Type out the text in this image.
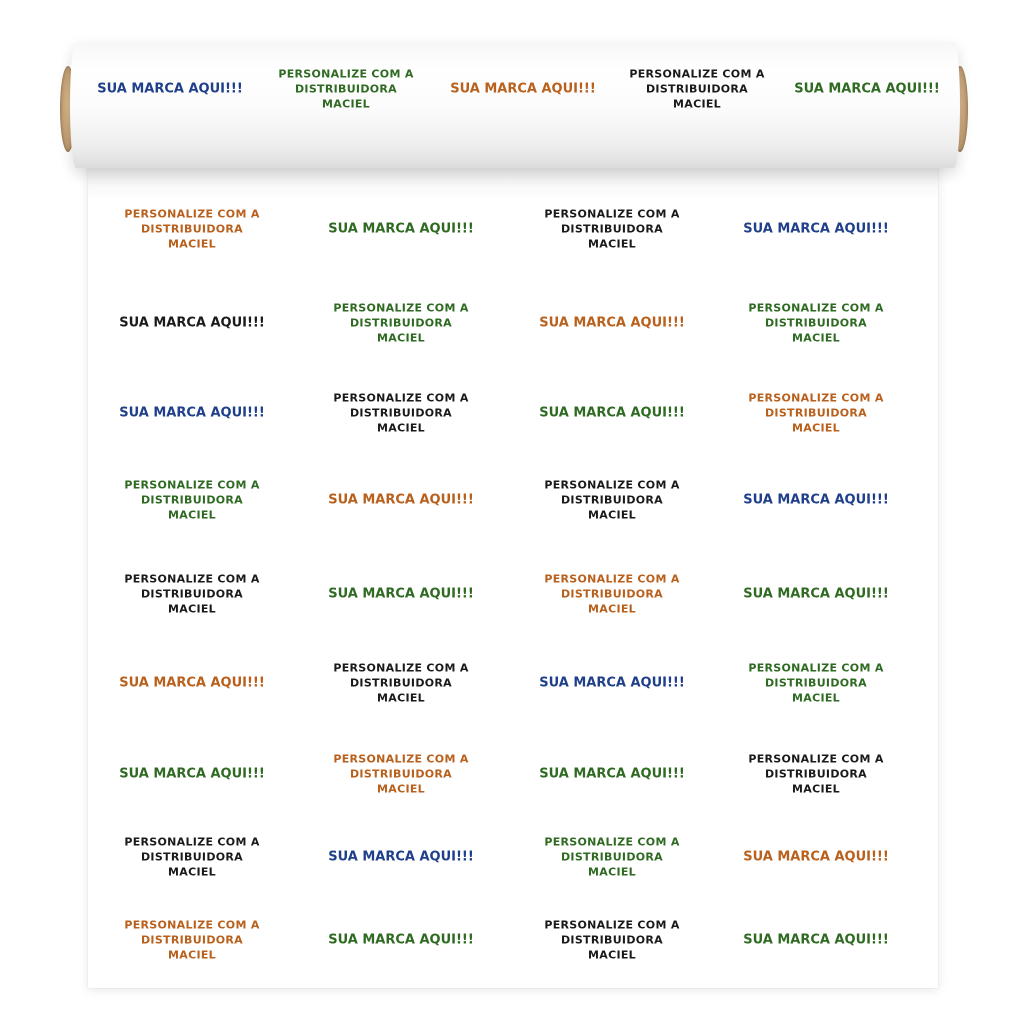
SUA MARCA AQUI!!!
PERSONALIZE COM A
DISTRIBUIDORA
MACIEL
SUA MARCA AQUI!!!
PERSONALIZE COM A
DISTRIBUIDORA
MACIEL
SUA MARCA AQUI!!!
PERSONALIZE COM A
DISTRIBUIDORA
MACIEL
SUA MARCA AQUI!!!
PERSONALIZE COM A
DISTRIBUIDORA
MACIEL
SUA MARCA AQUI!!!
SUA MARCA AQUI!!!
PERSONALIZE COM A
DISTRIBUIDORA
MACIEL
SUA MARCA AQUI!!!
PERSONALIZE COM A
DISTRIBUIDORA
MACIEL
SUA MARCA AQUI!!!
PERSONALIZE COM A
DISTRIBUIDORA
MACIEL
SUA MARCA AQUI!!!
PERSONALIZE COM A
DISTRIBUIDORA
MACIEL
PERSONALIZE COM A
DISTRIBUIDORA
MACIEL
SUA MARCA AQUI!!!
PERSONALIZE COM A
DISTRIBUIDORA
MACIEL
SUA MARCA AQUI!!!
PERSONALIZE COM A
DISTRIBUIDORA
MACIEL
SUA MARCA AQUI!!!
PERSONALIZE COM A
DISTRIBUIDORA
MACIEL
SUA MARCA AQUI!!!
SUA MARCA AQUI!!!
PERSONALIZE COM A
DISTRIBUIDORA
MACIEL
SUA MARCA AQUI!!!
PERSONALIZE COM A
DISTRIBUIDORA
MACIEL
SUA MARCA AQUI!!!
PERSONALIZE COM A
DISTRIBUIDORA
MACIEL
SUA MARCA AQUI!!!
PERSONALIZE COM A
DISTRIBUIDORA
MACIEL
PERSONALIZE COM A
DISTRIBUIDORA
MACIEL
SUA MARCA AQUI!!!
PERSONALIZE COM A
DISTRIBUIDORA
MACIEL
SUA MARCA AQUI!!!
PERSONALIZE COM A
DISTRIBUIDORA
MACIEL
SUA MARCA AQUI!!!
PERSONALIZE COM A
DISTRIBUIDORA
MACIEL
SUA MARCA AQUI!!!
